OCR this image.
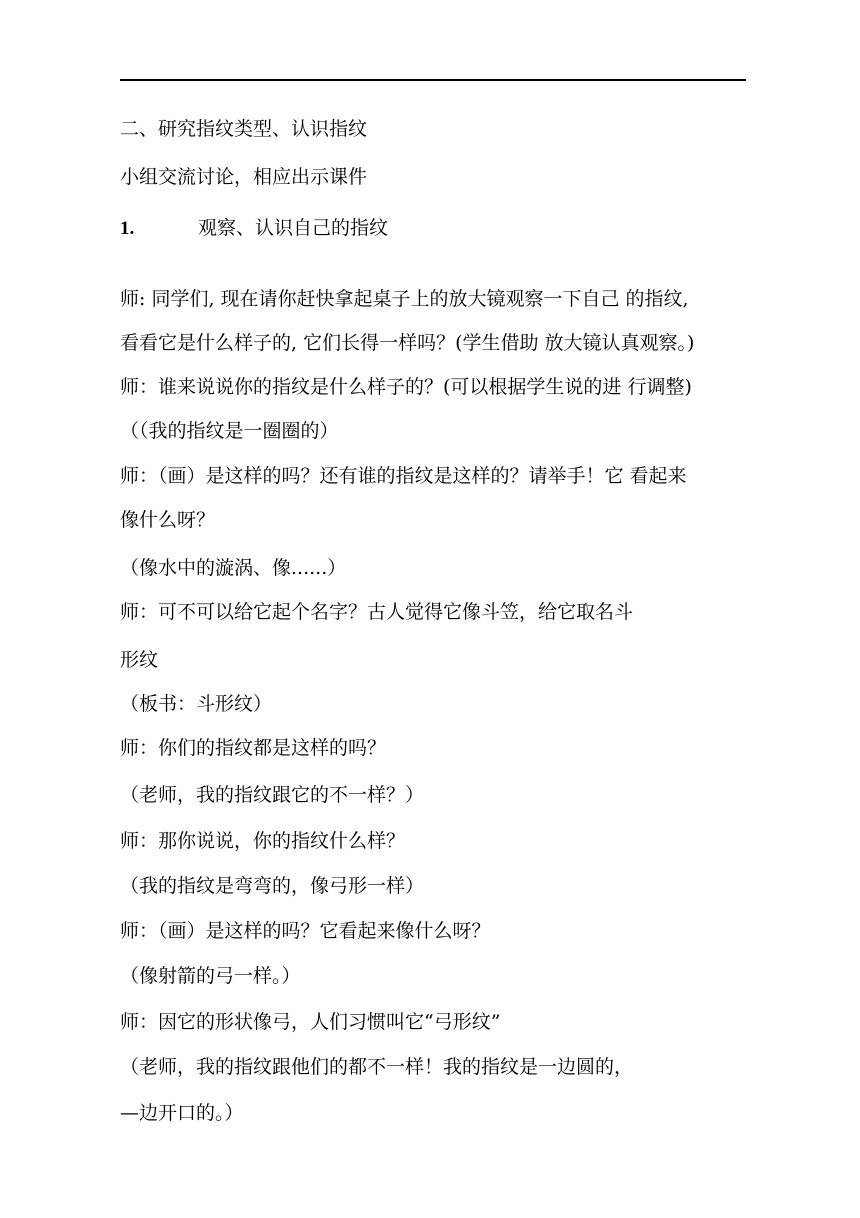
二、研究指纹类型、认识指纹
小组交流讨论，相应出示课件
1.	观察、认识自己的指纹
师: 同学们, 现在请你赶快拿起桌子上的放大镜观察一下自己 的指纹,
看看它是什么样子的, 它们长得一样吗？(学生借助 放大镜认真观察。)
师：谁来说说你的指纹是什么样子的？(可以根据学生说的进 行调整)
（（我的指纹是一圈圈的）
师：（画）是这样的吗？还有谁的指纹是这样的？请举手！它 看起来
像什么呀？
（像水中的漩涡、像......）
师：可不可以给它起个名字？古人觉得它像斗笠，给它取名斗
形纹
（板书：斗形纹）
师：你们的指纹都是这样的吗？
（老师，我的指纹跟它的不一样？）
师：那你说说，你的指纹什么样？
（我的指纹是弯弯的，像弓形一样）
师：（画）是这样的吗？它看起来像什么呀？
（像射箭的弓一样。）
师：因它的形状像弓，人们习惯叫它“弓形纹”
（老师，我的指纹跟他们的都不一样！我的指纹是一边圆的，
—边开口的。）
